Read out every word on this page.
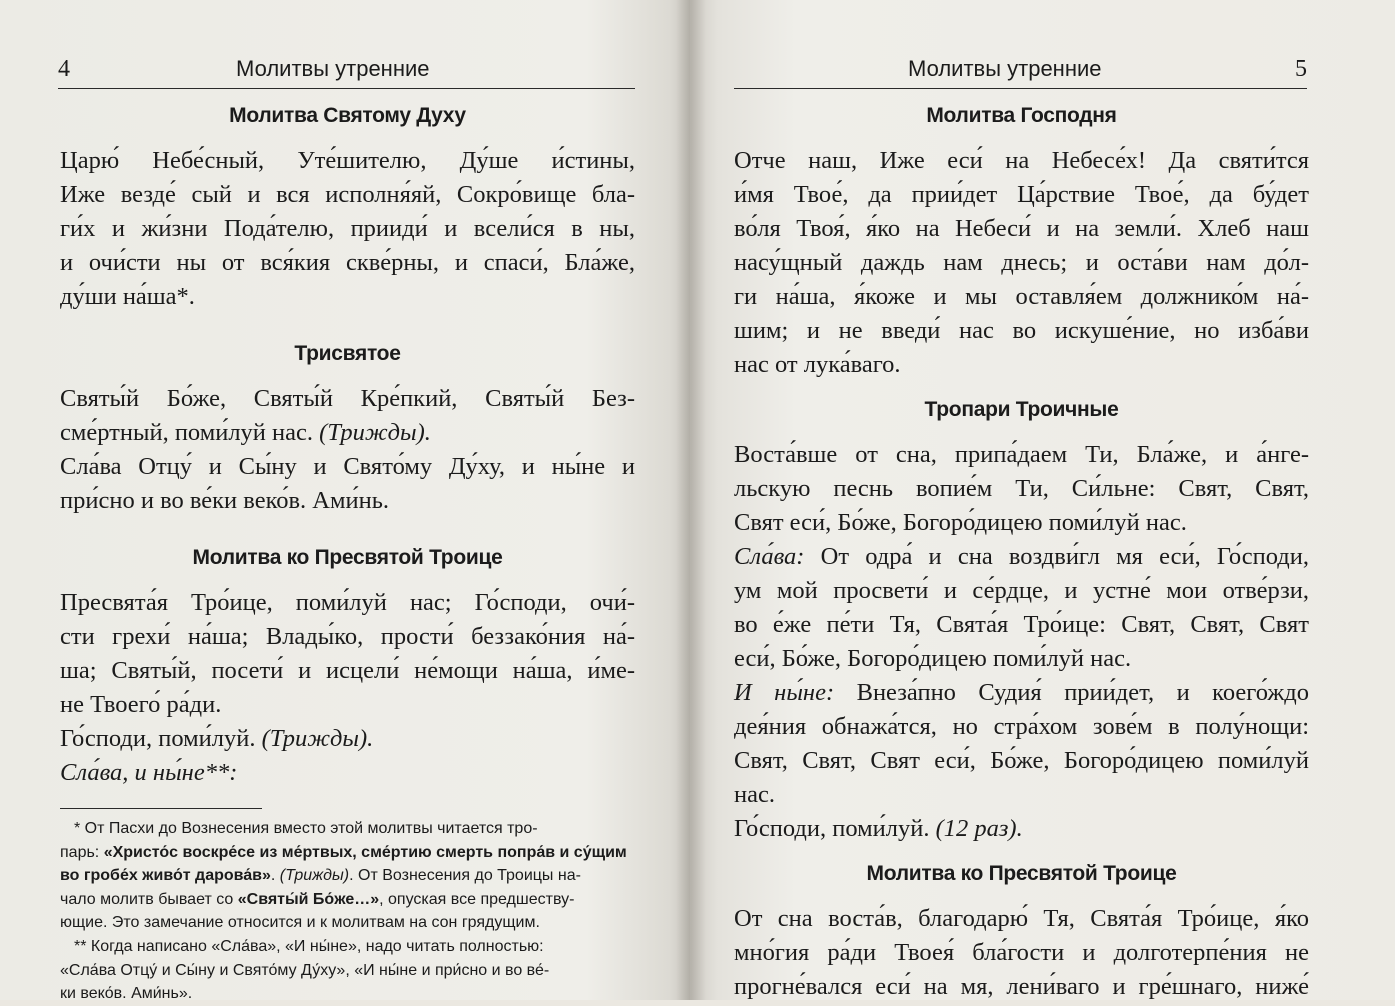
4	Молитвы утренние
Молитва Святому Духу
Царю́ Небе́сный, Уте́шителю, Ду́ше и́стины,
Иже везде́ сый и вся исполня́яй, Сокро́вище бла-
ги́х и жи́зни Пода́телю, прииди́ и всели́ся в ны,
и очи́сти ны от вся́кия скве́рны, и спаси́, Бла́же,
ду́ши на́ша*.
Трисвятое
Святы́й Бо́же, Святы́й Кре́пкий, Святы́й Без-
сме́ртный, поми́луй нас. (Трижды).
Сла́ва Отцу́ и Сы́ну и Свято́му Ду́ху, и ны́не и
при́сно и во ве́ки веко́в. Ами́нь.
Молитва ко Пресвятой Троице
Пресвята́я Тро́ице, поми́луй нас; Го́споди, очи́-
сти грехи́ на́ша; Влады́ко, прости́ беззако́ния на́-
ша; Святы́й, посети́ и исцели́ не́мощи на́ша, и́ме-
не Твоего́ ра́ди.
Го́споди, поми́луй. (Трижды).
Сла́ва, и ны́не**:
* От Пасхи до Вознесения вместо этой молитвы читается тро-
парь: «Христо́с воскре́се из ме́ртвых, сме́ртию смерть попра́в и су́щим
во гробе́х живо́т дарова́в». (Трижды). От Вознесения до Троицы на-
чало молитв бывает со «Святы́й Бо́же…», опуская все предшеству-
ющие. Это замечание относится и к молитвам на сон грядущим.
** Когда написано «Сла́ва», «И ны́не», надо читать полностью:
«Сла́ва Отцу́ и Сы́ну и Свято́му Ду́ху», «И ны́не и при́сно и во ве́-
ки веко́в. Ами́нь».
Молитвы утренние	5
Молитва Господня
Отче наш, Иже еси́ на Небесе́х! Да святи́тся
и́мя Твое́, да прии́дет Ца́рствие Твое́, да бу́дет
во́ля Твоя́, я́ко на Небеси́ и на земли́. Хлеб наш
насу́щный даждь нам днесь; и оста́ви нам до́л-
ги на́ша, я́коже и мы оставля́ем должнико́м на́-
шим; и не введи́ нас во искуше́ние, но изба́ви
нас от лука́ваго.
Тропари Троичные
Воста́вше от сна, припа́даем Ти, Бла́же, и а́нге-
льскую песнь вопие́м Ти, Си́льне: Свят, Свят,
Свят еси́, Бо́же, Богоро́дицею поми́луй нас.
Сла́ва: От одра́ и сна воздви́гл мя еси́, Го́споди,
ум мой просвети́ и се́рдце, и устне́ мои отве́рзи,
во е́же пе́ти Тя, Свята́я Тро́ице: Свят, Свят, Свят
еси́, Бо́же, Богоро́дицею поми́луй нас.
И ны́не: Внеза́пно Судия́ прии́дет, и коего́ждо
дея́ния обнажа́тся, но стра́хом зове́м в полу́нощи:
Свят, Свят, Свят еси́, Бо́же, Богоро́дицею поми́луй
нас.
Го́споди, поми́луй. (12 раз).
Молитва ко Пресвятой Троице
От сна воста́в, благодарю́ Тя, Свята́я Тро́ице, я́ко
мно́гия ра́ди Твоея́ бла́гости и долготерпе́ния не
прогне́вался еси́ на мя, лени́ваго и гре́шнаго, ниже́
